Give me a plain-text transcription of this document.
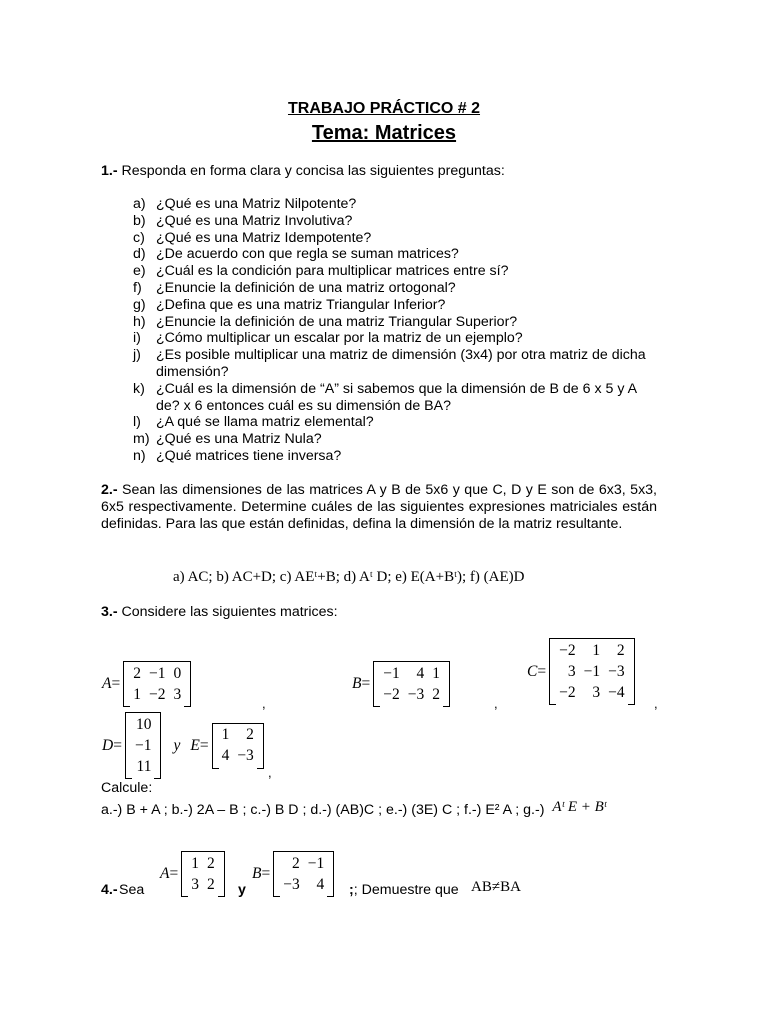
TRABAJO PRÁCTICO # 2
Tema: Matrices
1.- Responda en forma clara y concisa las siguientes preguntas:
a) ¿Qué es una Matriz Nilpotente?
b) ¿Qué es una Matriz Involutiva?
c) ¿Qué es una Matriz Idempotente?
d) ¿De acuerdo con que regla se suman matrices?
e) ¿Cuál es la condición para multiplicar matrices entre sí?
f)	¿Enuncie la definición de una matriz ortogonal?
g) ¿Defina que es una matriz Triangular Inferior?
h) ¿Enuncie la definición de una matriz Triangular Superior?
i)	¿Cómo multiplicar un escalar por la matriz de un ejemplo?
j)	¿Es posible multiplicar una matriz de dimensión (3x4) por otra matriz de dicha dimensión?
k) ¿Cuál es la dimensión de “A” si sabemos que la dimensión de B de 6 x 5 y A de? x 6 entonces cuál es su dimensión de BA?
l)	¿A qué se llama matriz elemental?
m) ¿Qué es una Matriz Nula?
n) ¿Qué matrices tiene inversa?
2.- Sean las dimensiones de las matrices A y B de 5x6 y que C, D y E son de 6x3, 5x3, 6x5 respectivamente. Determine cuáles de las siguientes expresiones matriciales están definidas. Para las que están definidas, defina la dimensión de la matriz resultante.
a) AC; b) AC+D; c) AEᵗ+B; d) Aᵗ D; e) E(A+Bᵗ); f) (AE)D
3.- Considere las siguientes matrices:
A =
2	−1	0
1	−2	3
,
B =
−1	4	1
−2	−3	2
,
C =
−2	1	2
3	−1	−3
−2	3	−4
,
D =
10
−1
11
y E =
1	2
4	−3
,
Calcule:
a.-) B + A ; b.-) 2A – B ; c.-) B D ; d.-) (AB)C ; e.-) (3E) C ; f.-) E² A ; g.-) Aᵗ E + Bᵗ
4.- Sea
A =
1	2
3	2 y
B =
2	−1
−3	4 ;; Demuestre que AB≠BA
